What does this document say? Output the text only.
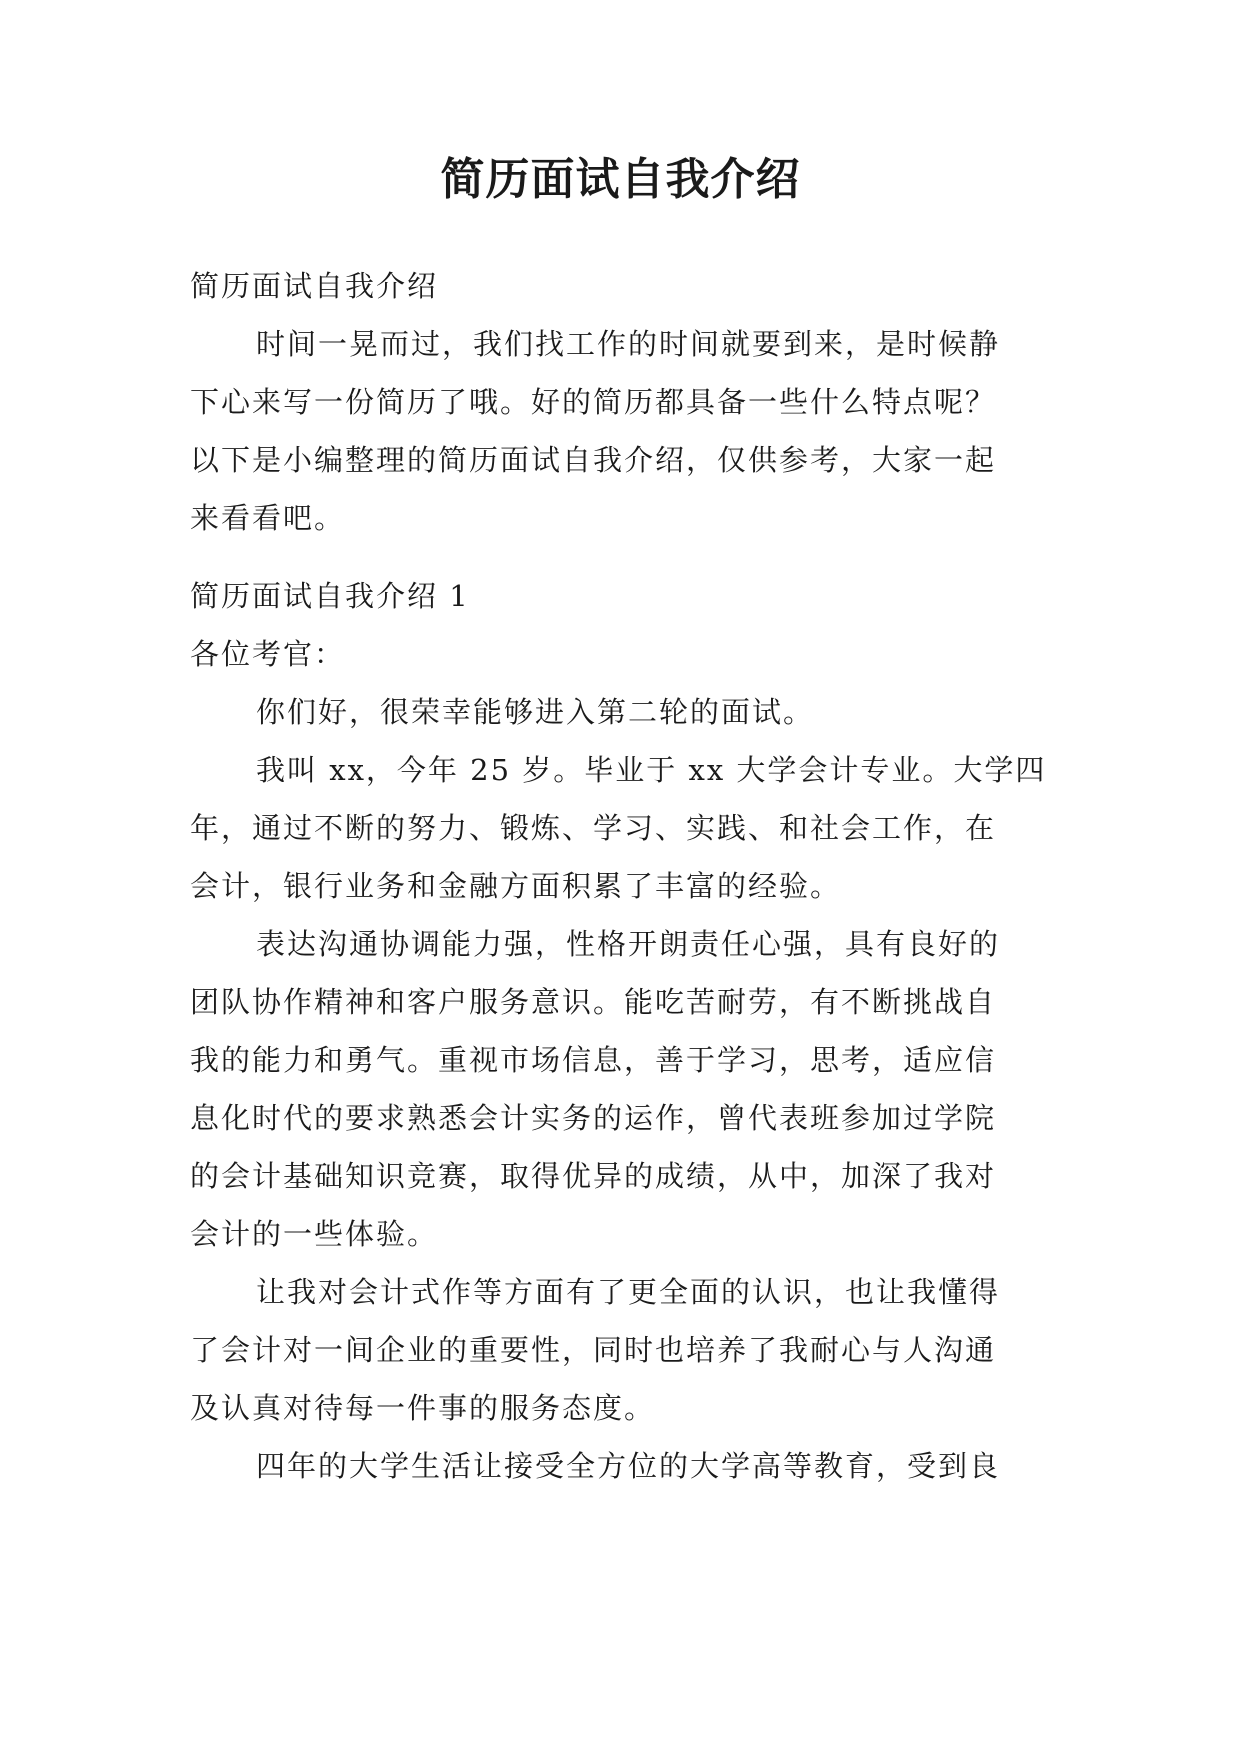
简历面试自我介绍
简历面试自我介绍
时间一晃而过，我们找工作的时间就要到来，是时候静
下心来写一份简历了哦。好的简历都具备一些什么特点呢？
以下是小编整理的简历面试自我介绍，仅供参考，大家一起
来看看吧。
简历面试自我介绍 1
各位考官：
你们好，很荣幸能够进入第二轮的面试。
我叫 xx，今年 25 岁。毕业于 xx 大学会计专业。大学四
年，通过不断的努力、锻炼、学习、实践、和社会工作，在
会计，银行业务和金融方面积累了丰富的经验。
表达沟通协调能力强，性格开朗责任心强，具有良好的
团队协作精神和客户服务意识。能吃苦耐劳，有不断挑战自
我的能力和勇气。重视市场信息，善于学习，思考，适应信
息化时代的要求熟悉会计实务的运作，曾代表班参加过学院
的会计基础知识竞赛，取得优异的成绩，从中，加深了我对
会计的一些体验。
让我对会计式作等方面有了更全面的认识，也让我懂得
了会计对一间企业的重要性，同时也培养了我耐心与人沟通
及认真对待每一件事的服务态度。
四年的大学生活让接受全方位的大学高等教育，受到良
